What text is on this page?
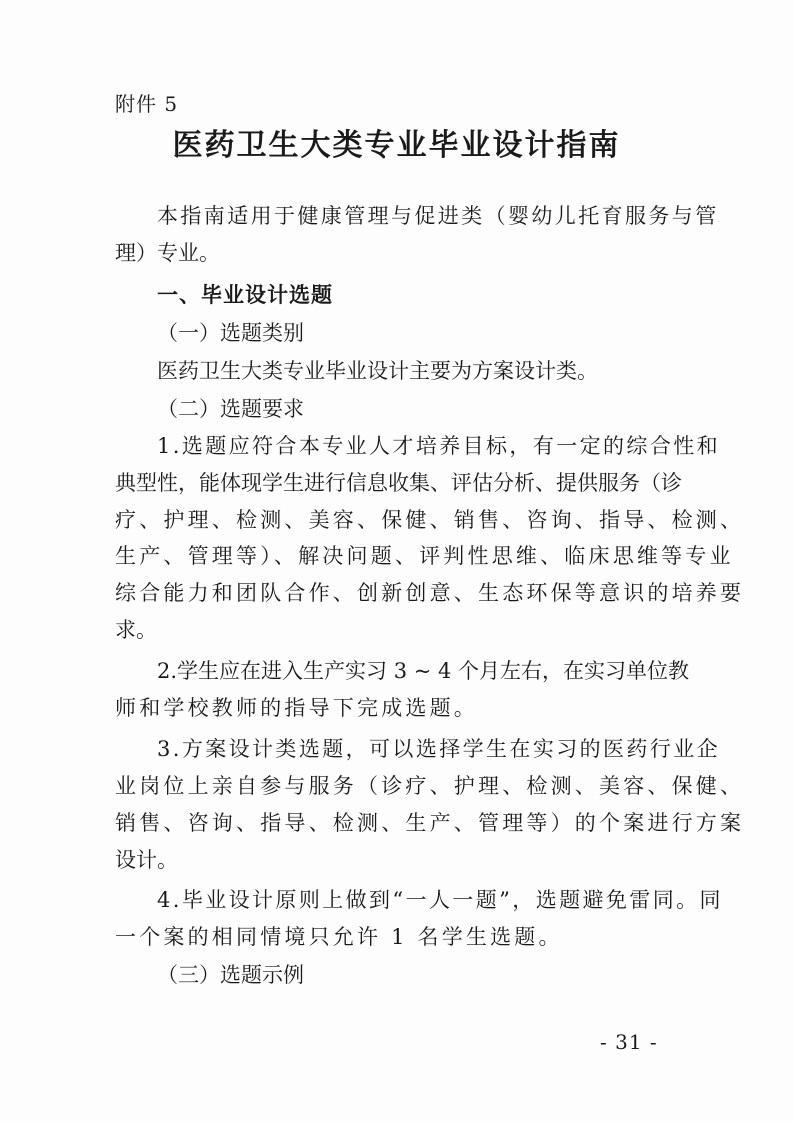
附件 5
医药卫生大类专业毕业设计指南
本指南适用于健康管理与促进类（婴幼儿托育服务与管
理）专业。
一、毕业设计选题
（一）选题类别
医药卫生大类专业毕业设计主要为方案设计类。
（二）选题要求
1.选题应符合本专业人才培养目标，有一定的综合性和
典型性，能体现学生进行信息收集、评估分析、提供服务（诊
疗、护理、检测、美容、保健、销售、咨询、指导、检测、
生产、管理等）、解决问题、评判性思维、临床思维等专业
综合能力和团队合作、创新创意、生态环保等意识的培养要
求。
2.学生应在进入生产实习 3 ~ 4 个月左右，在实习单位教
师和学校教师的指导下完成选题。
3.方案设计类选题，可以选择学生在实习的医药行业企
业岗位上亲自参与服务（诊疗、护理、检测、美容、保健、
销售、咨询、指导、检测、生产、管理等）的个案进行方案
设计。
4.毕业设计原则上做到“一人一题”，选题避免雷同。同
一个案的相同情境只允许 1 名学生选题。
（三）选题示例
- 31 -
